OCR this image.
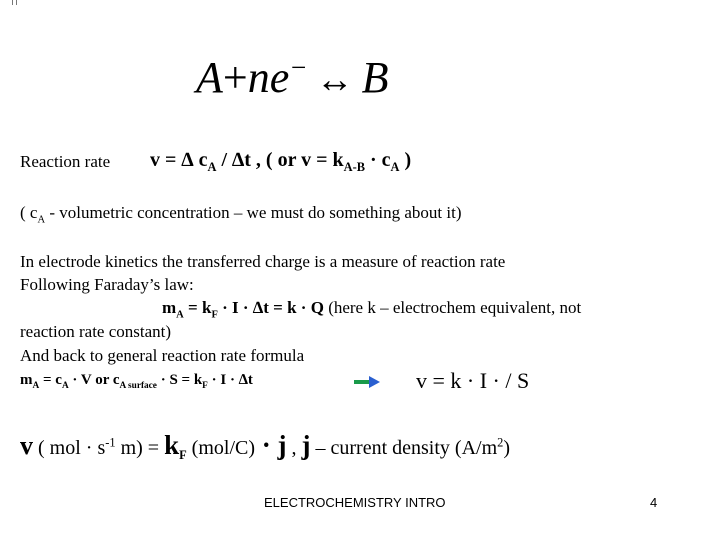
A+ne− ↔ B
Reaction rate v = ∆ $c_A / \Delta t$ , ( or $v = k_{A-B} \cdot c_A$ )
( $c_A$ - volumetric concentration – we must do something about it)
In electrode kinetics the transferred charge is a measure of reaction rate
Following Faraday’s law:
$m_A = k_F \cdot I \cdot \Delta t = k \cdot Q$ (here k – electrochem equivalent, not
reaction rate constant)
And back to general reaction rate formula
$m_A = c_A \cdot V$ or $c_{A surface} \cdot S = k_F \cdot I \cdot \Delta t$	v = k · I · / S
v ( mol · $s^{-1}$ $m) = k_F$ (mol/C) · j , j – current density $(A/m^2)$
ELECTROCHEMISTRY INTRO	4
